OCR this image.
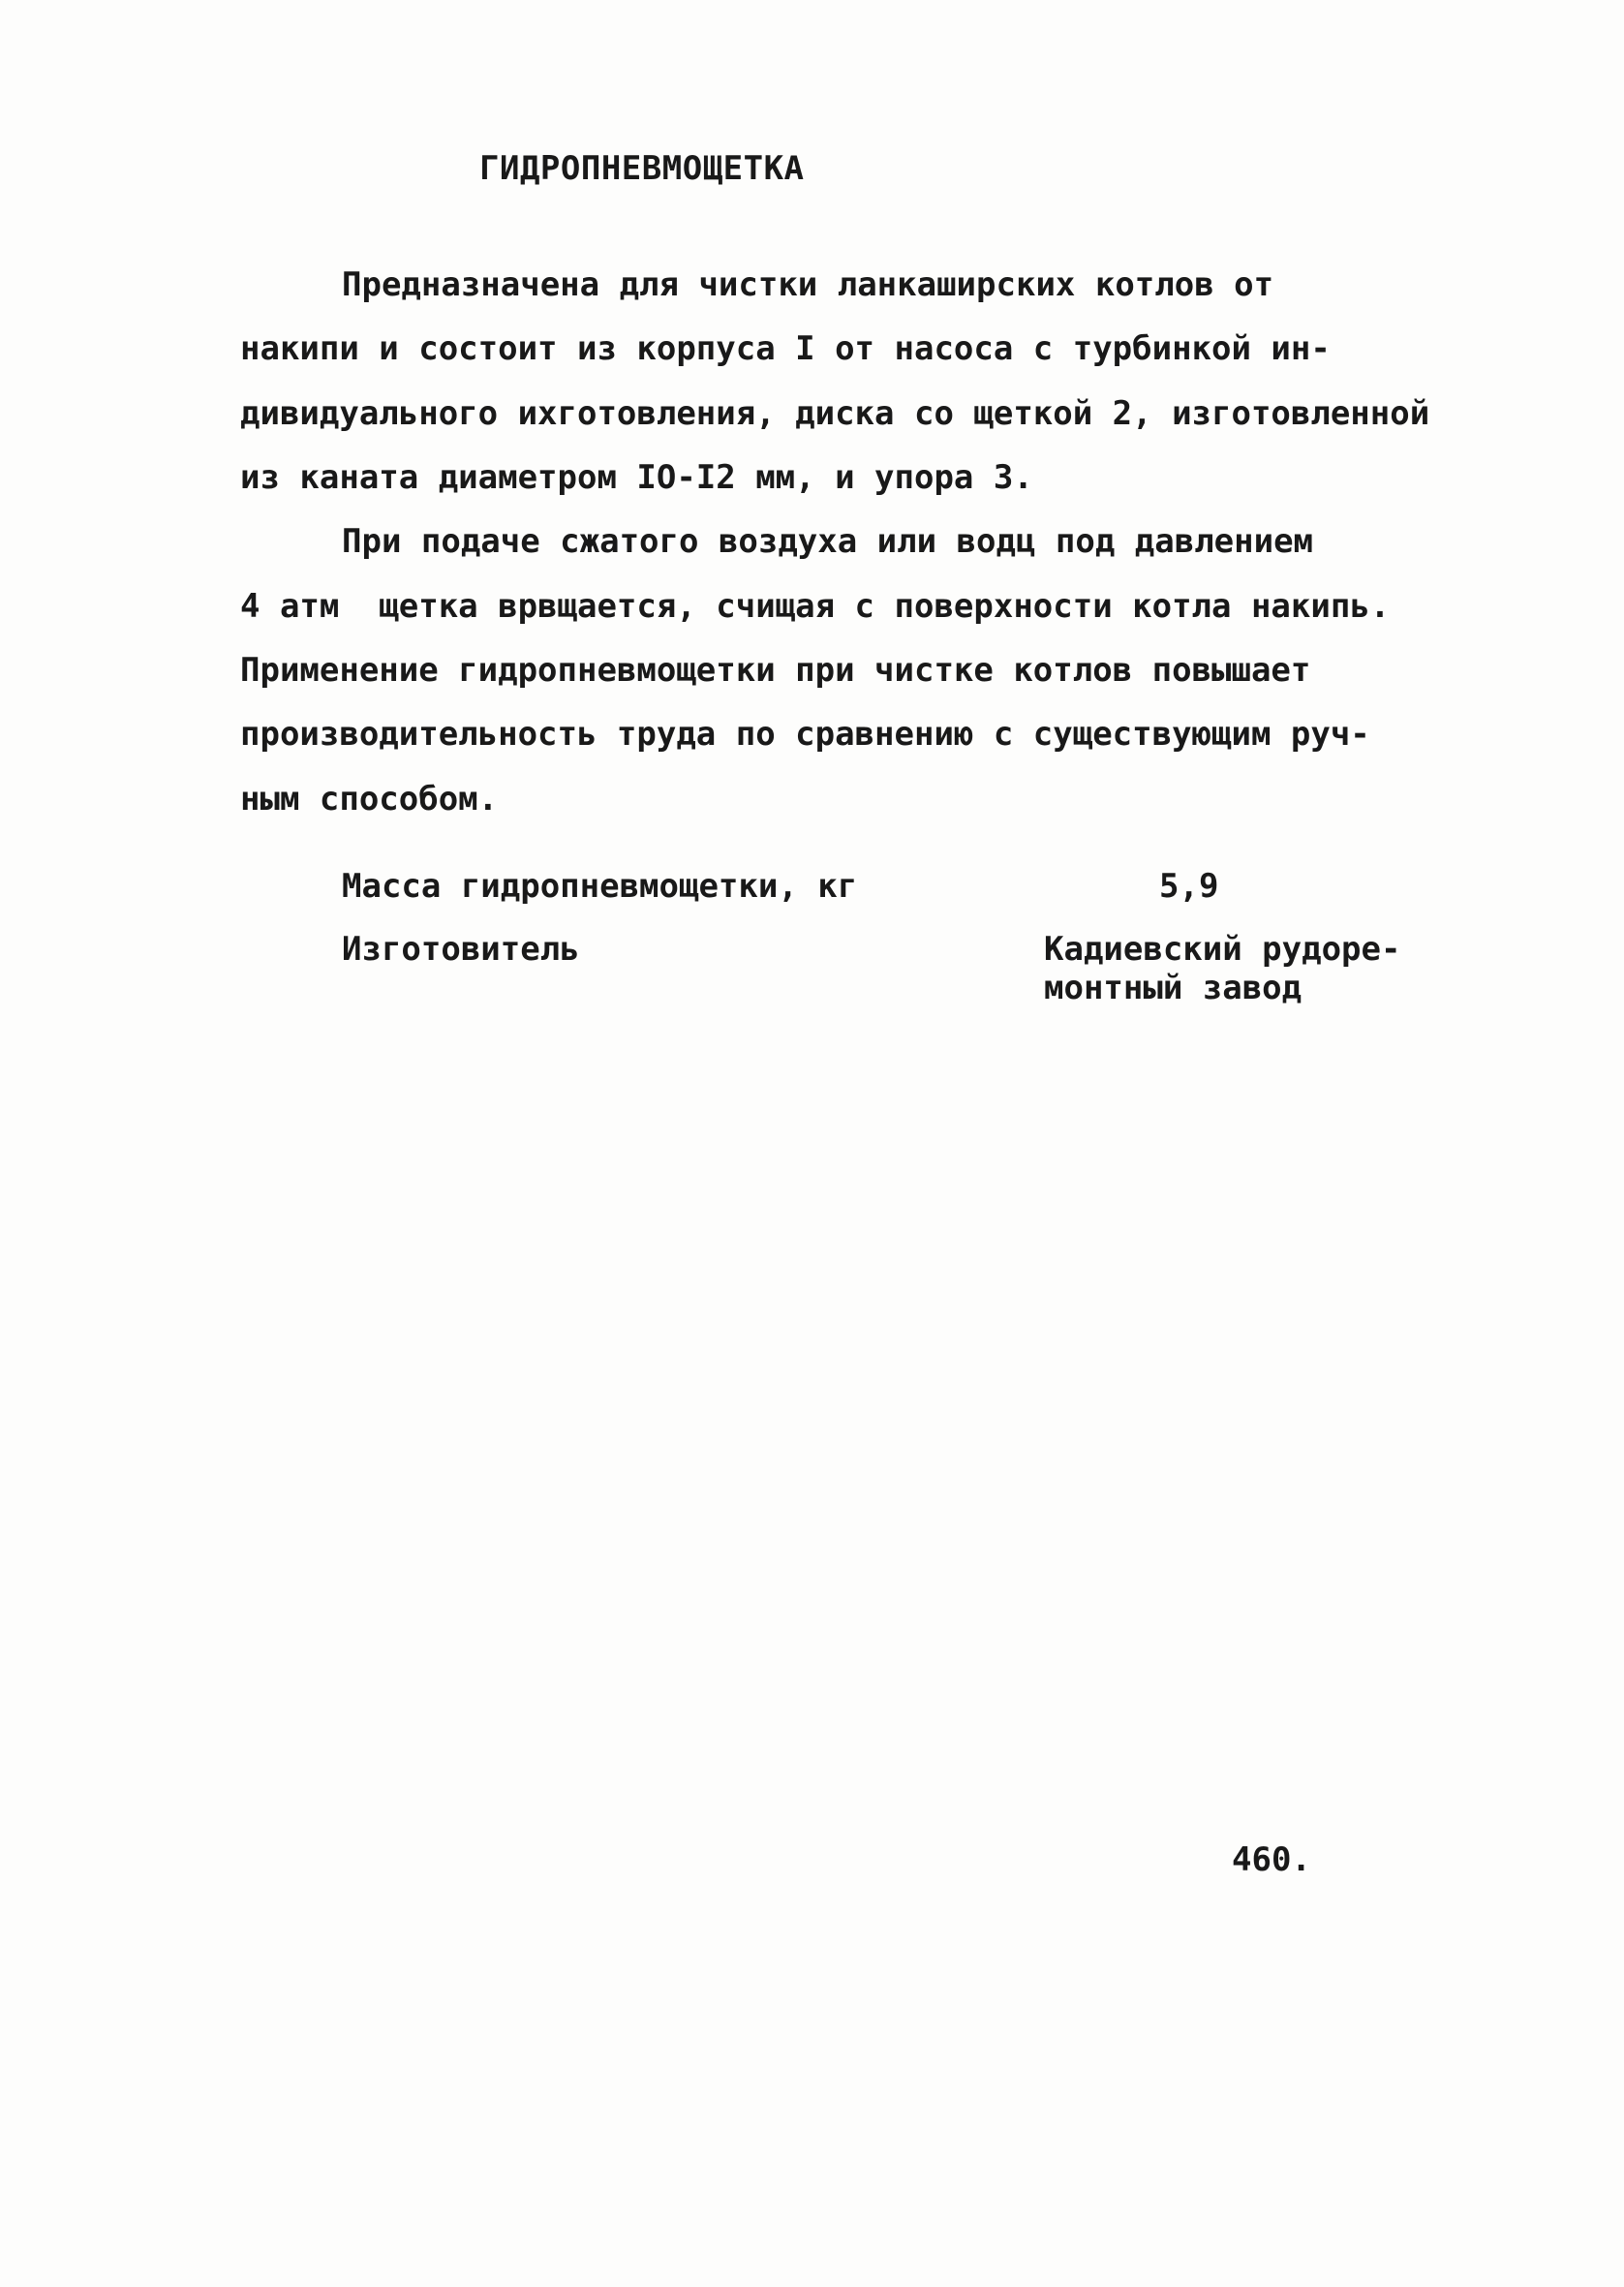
ГИДРОПНЕВМОЩЕТКА
Предназначена для чистки ланкаширских котлов от
накипи и состоит из корпуса I от насоса с турбинкой ин-
дивидуального ихготовления, диска со щеткой 2, изготовленной
из каната диаметром IO-I2 мм, и упора 3.
При подаче сжатого воздуха или водц под давлением
4 атм  щетка врвщается, счищая с поверхности котла накипь.
Применение гидропневмощетки при чистке котлов повышает
производительность труда по сравнению с существующим руч-
ным способом.
Масса гидропневмощетки, кг	5,9
Изготовитель	Кадиевский рудоре-
монтный завод
460.
